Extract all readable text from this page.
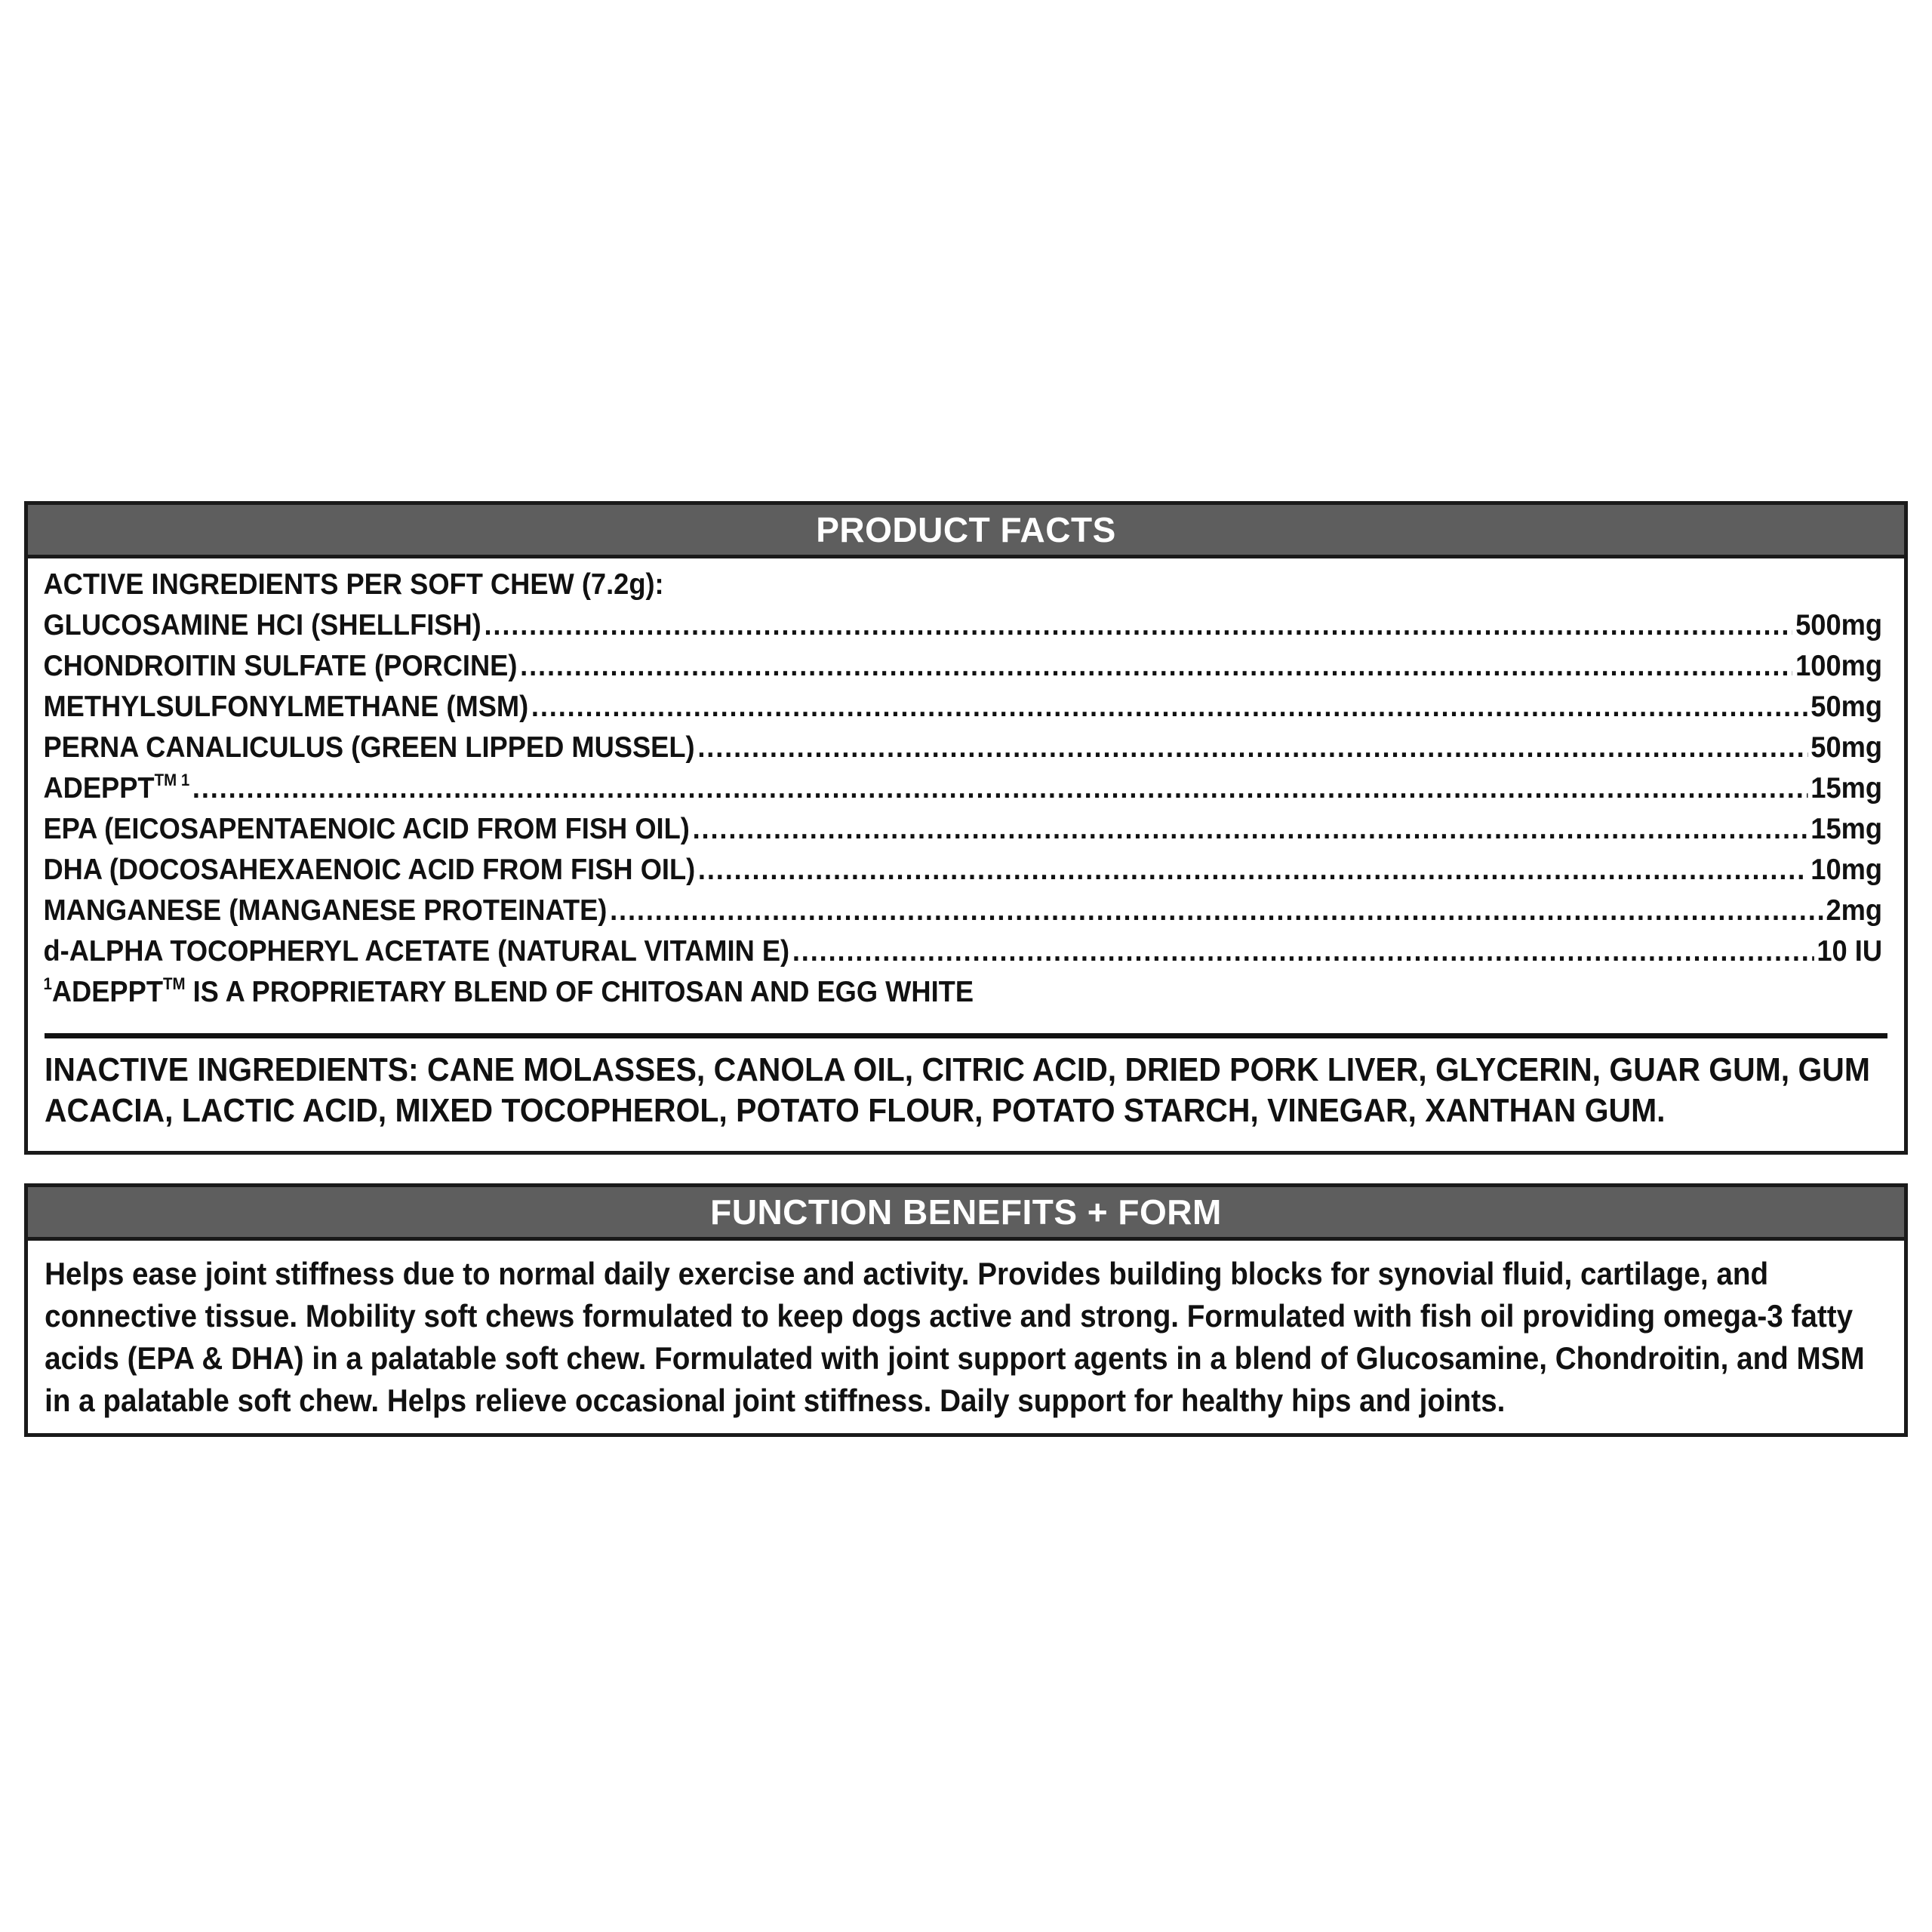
PRODUCT FACTS
ACTIVE INGREDIENTS PER SOFT CHEW (7.2g):
GLUCOSAMINE HCI (SHELLFISH) .....	500mg
CHONDROITIN SULFATE (PORCINE) .....	100mg
METHYLSULFONYLMETHANE (MSM) .....	50mg
PERNA CANALICULUS (GREEN LIPPED MUSSEL) .....	50mg
$ADEPPT^{TM 1}$ .....	15mg
EPA (EICOSAPENTAENOIC ACID FROM FISH OIL) .....	15mg
DHA (DOCOSAHEXAENOIC ACID FROM FISH OIL) .....	10mg
MANGANESE (MANGANESE PROTEINATE) .....	2mg
d-ALPHA TOCOPHERYL ACETATE (NATURAL VITAMIN E) .....	10 IU
$^1$ADEPPT™ IS A PROPRIETARY BLEND OF CHITOSAN AND EGG WHITE
INACTIVE INGREDIENTS: CANE MOLASSES, CANOLA OIL, CITRIC ACID, DRIED PORK LIVER, GLYCERIN, GUAR GUM, GUM ACACIA, LACTIC ACID, MIXED TOCOPHEROL, POTATO FLOUR, POTATO STARCH, VINEGAR, XANTHAN GUM.
FUNCTION BENEFITS + FORM
Helps ease joint stiffness due to normal daily exercise and activity. Provides building blocks for synovial fluid, cartilage, and connective tissue. Mobility soft chews formulated to keep dogs active and strong. Formulated with fish oil providing omega-3 fatty acids (EPA & DHA) in a palatable soft chew. Formulated with joint support agents in a blend of Glucosamine, Chondroitin, and MSM in a palatable soft chew. Helps relieve occasional joint stiffness. Daily support for healthy hips and joints.
